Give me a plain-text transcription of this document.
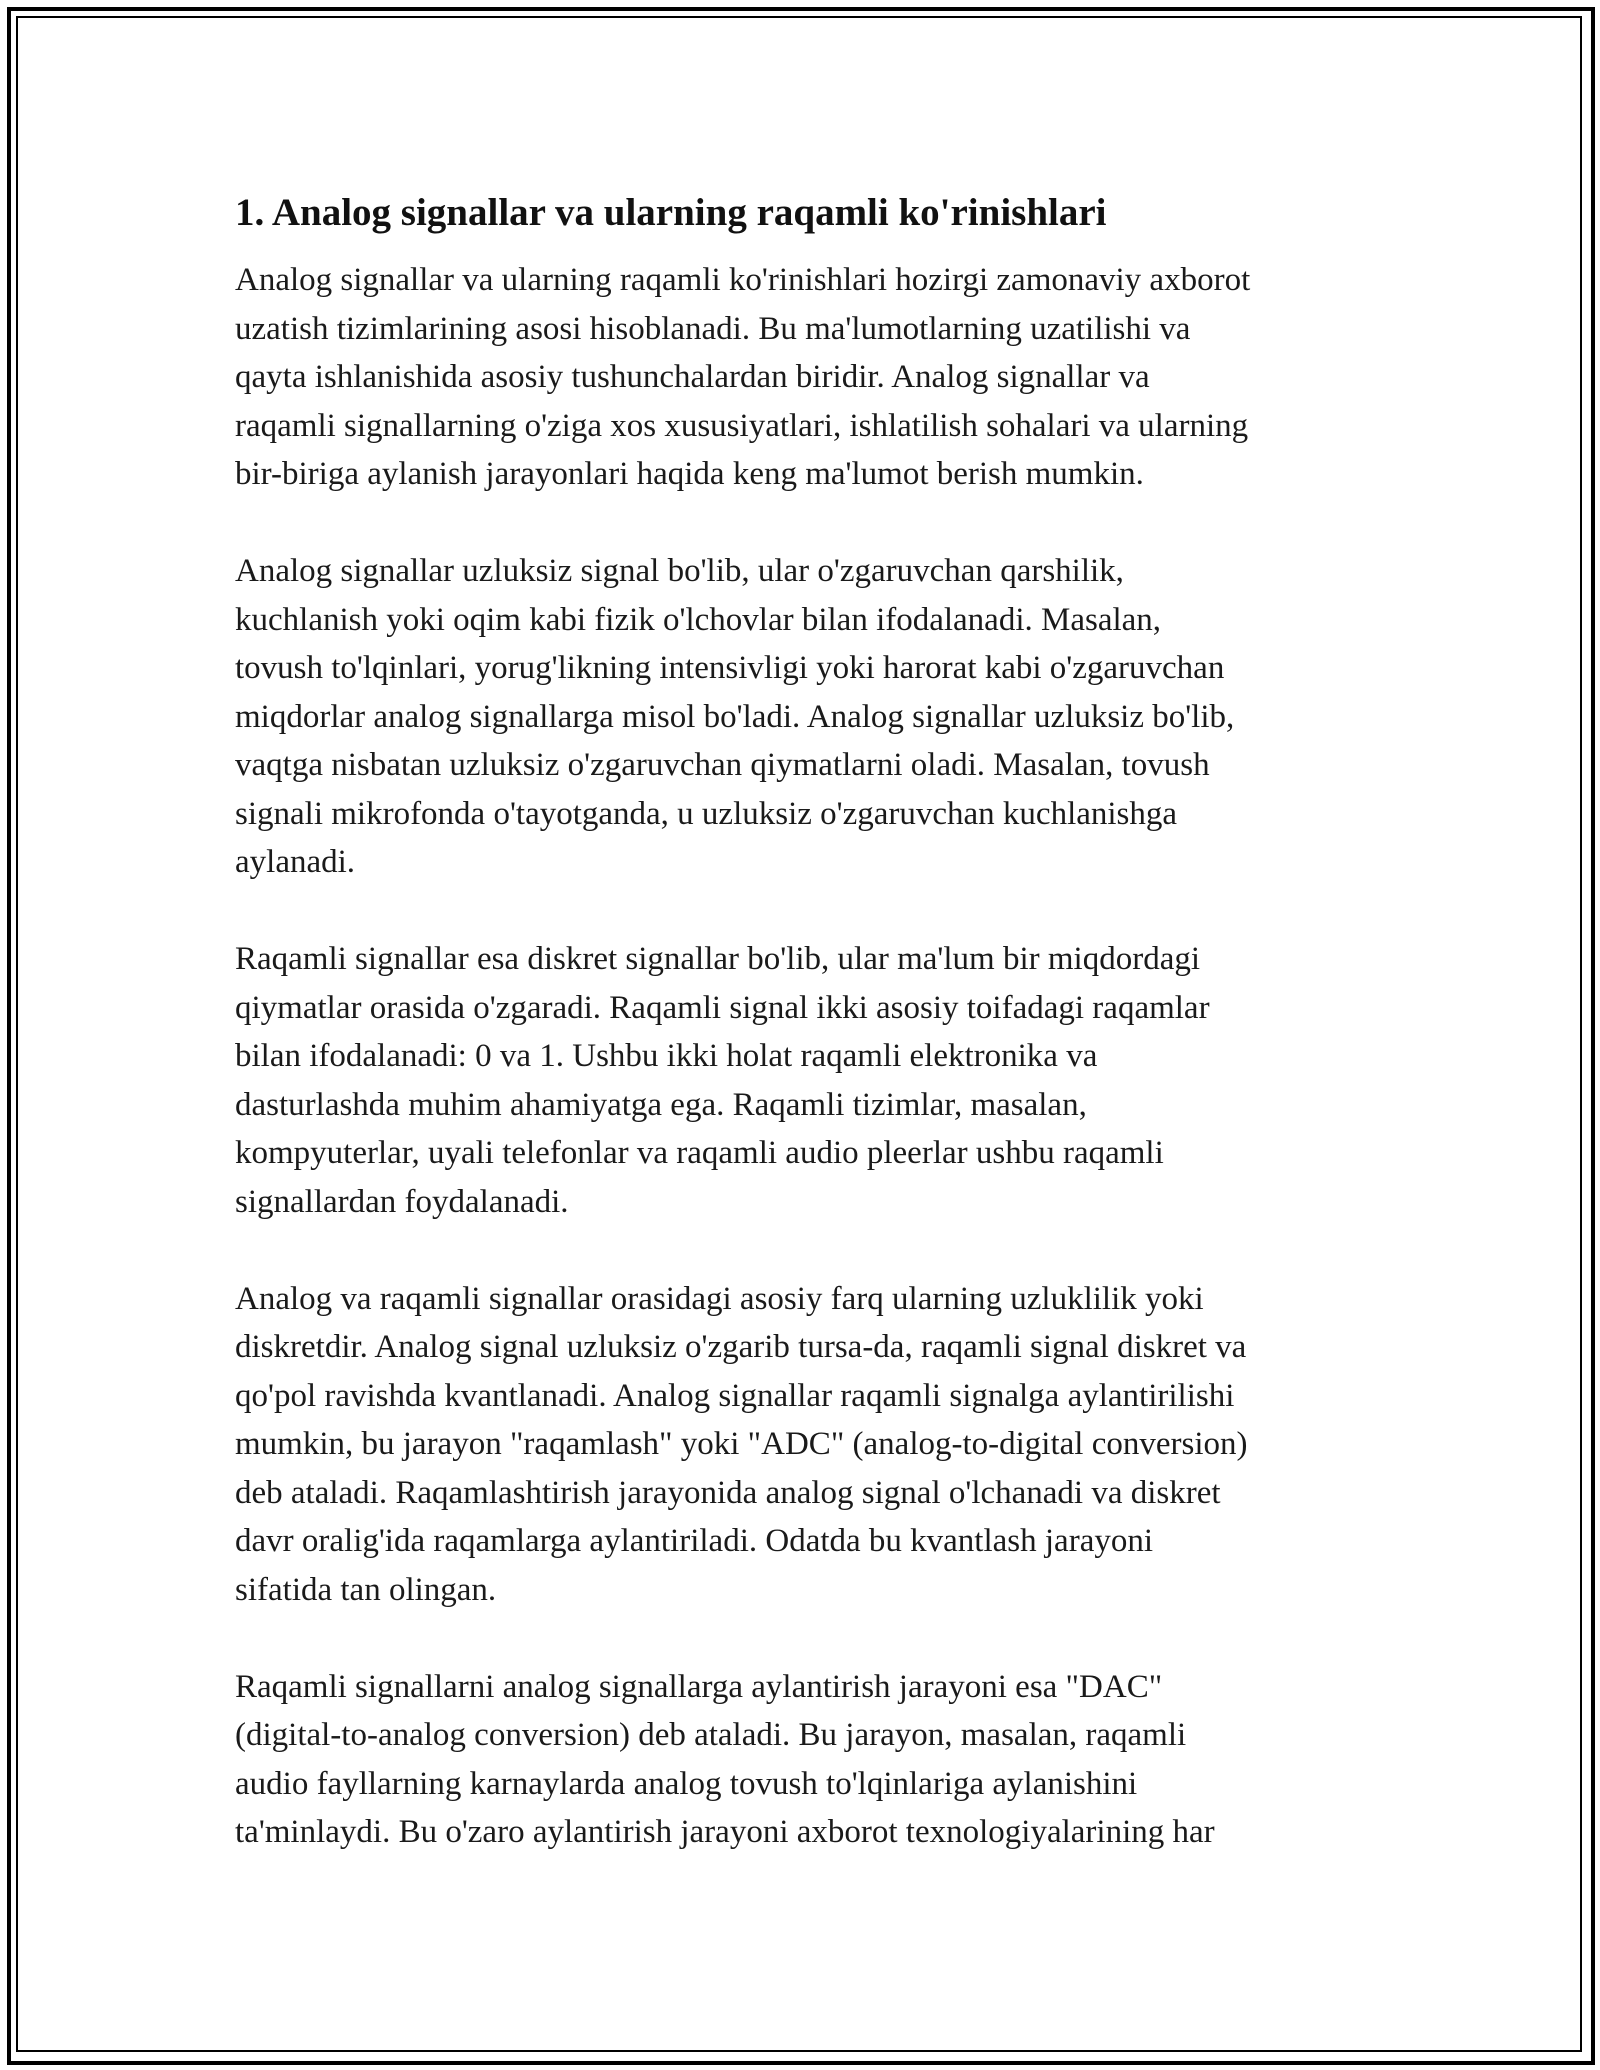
1. Analog signallar va ularning raqamli ko'rinishlari
Analog signallar va ularning raqamli ko'rinishlari hozirgi zamonaviy axborot
uzatish tizimlarining asosi hisoblanadi. Bu ma'lumotlarning uzatilishi va
qayta ishlanishida asosiy tushunchalardan biridir. Analog signallar va
raqamli signallarning o'ziga xos xususiyatlari, ishlatilish sohalari va ularning
bir-biriga aylanish jarayonlari haqida keng ma'lumot berish mumkin.
Analog signallar uzluksiz signal bo'lib, ular o'zgaruvchan qarshilik,
kuchlanish yoki oqim kabi fizik o'lchovlar bilan ifodalanadi. Masalan,
tovush to'lqinlari, yorug'likning intensivligi yoki harorat kabi o'zgaruvchan
miqdorlar analog signallarga misol bo'ladi. Analog signallar uzluksiz bo'lib,
vaqtga nisbatan uzluksiz o'zgaruvchan qiymatlarni oladi. Masalan, tovush
signali mikrofonda o'tayotganda, u uzluksiz o'zgaruvchan kuchlanishga
aylanadi.
Raqamli signallar esa diskret signallar bo'lib, ular ma'lum bir miqdordagi
qiymatlar orasida o'zgaradi. Raqamli signal ikki asosiy toifadagi raqamlar
bilan ifodalanadi: 0 va 1. Ushbu ikki holat raqamli elektronika va
dasturlashda muhim ahamiyatga ega. Raqamli tizimlar, masalan,
kompyuterlar, uyali telefonlar va raqamli audio pleerlar ushbu raqamli
signallardan foydalanadi.
Analog va raqamli signallar orasidagi asosiy farq ularning uzluklilik yoki
diskretdir. Analog signal uzluksiz o'zgarib tursa-da, raqamli signal diskret va
qo'pol ravishda kvantlanadi. Analog signallar raqamli signalga aylantirilishi
mumkin, bu jarayon "raqamlash" yoki "ADC" (analog-to-digital conversion)
deb ataladi. Raqamlashtirish jarayonida analog signal o'lchanadi va diskret
davr oralig'ida raqamlarga aylantiriladi. Odatda bu kvantlash jarayoni
sifatida tan olingan.
Raqamli signallarni analog signallarga aylantirish jarayoni esa "DAC"
(digital-to-analog conversion) deb ataladi. Bu jarayon, masalan, raqamli
audio fayllarning karnaylarda analog tovush to'lqinlariga aylanishini
ta'minlaydi. Bu o'zaro aylantirish jarayoni axborot texnologiyalarining har
